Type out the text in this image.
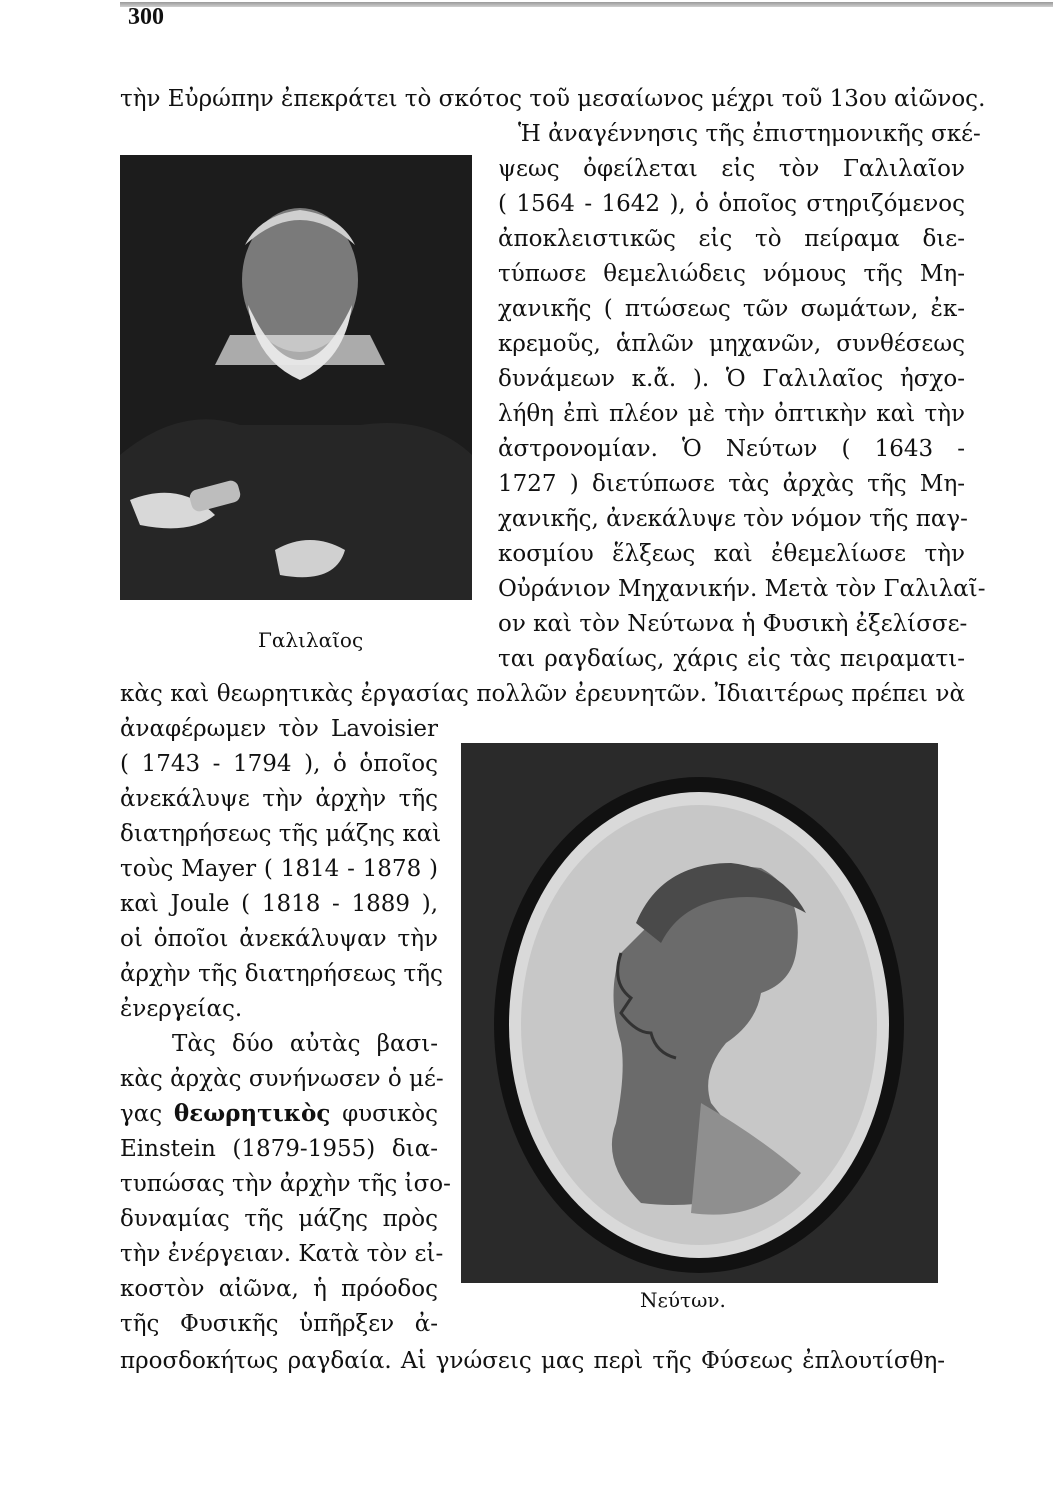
300
Γαλιλαῖος
Νεύτων.
τὴν Εὐρώπην ἐπεκράτει τὸ σκότος τοῦ μεσαίωνος μέχρι τοῦ 13ου αἰῶνος.
Ἡ ἀναγέννησις τῆς ἐπιστημονικῆς σκέ-
ψεως ὀφείλεται εἰς τὸν Γαλιλαῖον
( 1564 - 1642 ), ὁ ὁποῖος στηριζόμενος
ἀποκλειστικῶς εἰς τὸ πείραμα διε-
τύπωσε θεμελιώδεις νόμους τῆς Μη-
χανικῆς ( πτώσεως τῶν σωμάτων, ἐκ-
κρεμοῦς, ἁπλῶν μηχανῶν, συνθέσεως
δυνάμεων κ.ἄ. ). Ὁ Γαλιλαῖος ἠσχο-
λήθη ἐπὶ πλέον μὲ τὴν ὀπτικὴν καὶ τὴν
ἀστρονομίαν. Ὁ Νεύτων ( 1643 -
1727 ) διετύπωσε τὰς ἀρχὰς τῆς Μη-
χανικῆς, ἀνεκάλυψε τὸν νόμον τῆς παγ-
κοσμίου ἕλξεως καὶ ἐθεμελίωσε τὴν
Οὐράνιον Μηχανικήν. Μετὰ τὸν Γαλιλαῖ-
ον καὶ τὸν Νεύτωνα ἡ Φυσικὴ ἐξελίσσε-
ται ραγδαίως, χάρις εἰς τὰς πειραματι-
κὰς καὶ θεωρητικὰς ἐργασίας πολλῶν ἐρευνητῶν. Ἰδιαιτέρως πρέπει νὰ
ἀναφέρωμεν τὸν Lavoisier
( 1743 - 1794 ), ὁ ὁποῖος
ἀνεκάλυψε τὴν ἀρχὴν τῆς
διατηρήσεως τῆς μάζης καὶ
τοὺς Mayer ( 1814 - 1878 )
καὶ Joule ( 1818 - 1889 ),
οἱ ὁποῖοι ἀνεκάλυψαν τὴν
ἀρχὴν τῆς διατηρήσεως τῆς
ἐνεργείας.
Τὰς δύο αὐτὰς βασι-
κὰς ἀρχὰς συνήνωσεν ὁ μέ-
γας θεωρητικὸς φυσικὸς
Einstein (1879-1955) δια-
τυπώσας τὴν ἀρχὴν τῆς ἰσο-
δυναμίας τῆς μάζης πρὸς
τὴν ἐνέργειαν. Κατὰ τὸν εἰ-
κοστὸν αἰῶνα, ἡ πρόοδος
τῆς Φυσικῆς ὑπῆρξεν ἀ-
προσδοκήτως ραγδαία. Αἱ γνώσεις μας περὶ τῆς Φύσεως ἐπλουτίσθη-
